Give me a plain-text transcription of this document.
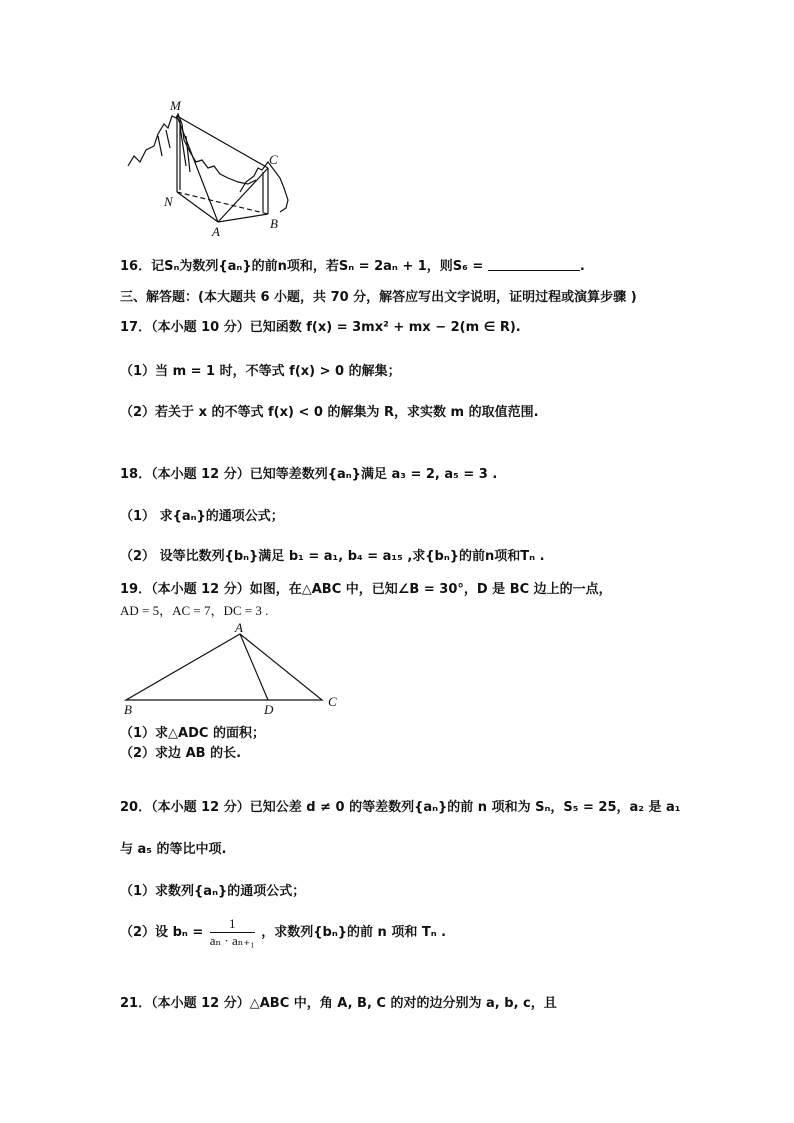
M
C
N
A
B
16．记Sₙ为数列{aₙ}的前n项和，若Sₙ = 2aₙ + 1，则S₆ =	.
三、解答题：(本大题共 6 小题，共 70 分，解答应写出文字说明，证明过程或演算步骤 )
17．（本小题 10 分）已知函数 f(x) = 3mx² + mx − 2(m ∈ R).
（1）当 m = 1 时，不等式 f(x) > 0 的解集；
（2）若关于 x 的不等式 f(x) < 0 的解集为 R，求实数 m 的取值范围.
18．（本小题 12 分）已知等差数列{aₙ}满足 a₃ = 2, a₅ = 3 .
（1） 求{aₙ}的通项公式；
（2） 设等比数列{bₙ}满足 b₁ = a₁, b₄ = a₁₅ ,求{bₙ}的前n项和Tₙ .
19．（本小题 12 分）如图，在△ABC 中，已知∠B = 30°，D 是 BC 边上的一点，
AD = 5，AC = 7，DC = 3 .
A
B	D
C
（1）求△ADC 的面积；
（2）求边 AB 的长.
20．（本小题 12 分）已知公差 d ≠ 0 的等差数列{aₙ}的前 n 项和为 Sₙ，S₅ = 25，a₂ 是 a₁
与 a₅ 的等比中项.
（1）求数列{aₙ}的通项公式；
（2）设 $b_n = \frac{1}{\text{aₙ · aₙ₊₁}}$ ，求数列{bₙ}的前 n 项和 Tₙ .
21．（本小题 12 分）△ABC 中，角 A, B, C 的对的边分别为 a, b, c，且
